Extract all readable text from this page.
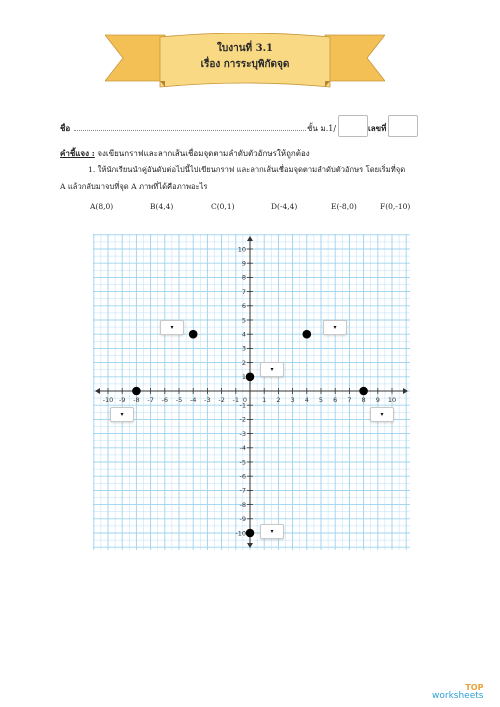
ใบงานที่ 3.1
เรื่อง การระบุพิกัดจุด
ชื่อ	ชั้น ม.1/	เลขที่
คำชี้แจง : จงเขียนกราฟและลากเส้นเชื่อมจุดตามลำดับตัวอักษรให้ถูกต้อง
1. ให้นักเรียนนำคู่อันดับต่อไปนี้ไปเขียนกราฟ และลากเส้นเชื่อมจุดตามลำดับตัวอักษร โดยเริ่มที่จุด
A แล้วกลับมาจบที่จุด A ภาพที่ได้คือภาพอะไร
A(8,0)	B(4,4)	C(0,1)	D(-4,4)	E(-8,0)	F(0,-10)
-10 -9 -8 -7 -6 -5 -4 -3 -2 -1 0 1 2 3 4 5 6 7 8 9 10
10
9
8
7
6
5
4
3
2
1
-1
-2
-3
-4
-5
-6
-7
-8
-9
-10
▾	▾
▾
▾	▾
▾
TOP
worksheets
